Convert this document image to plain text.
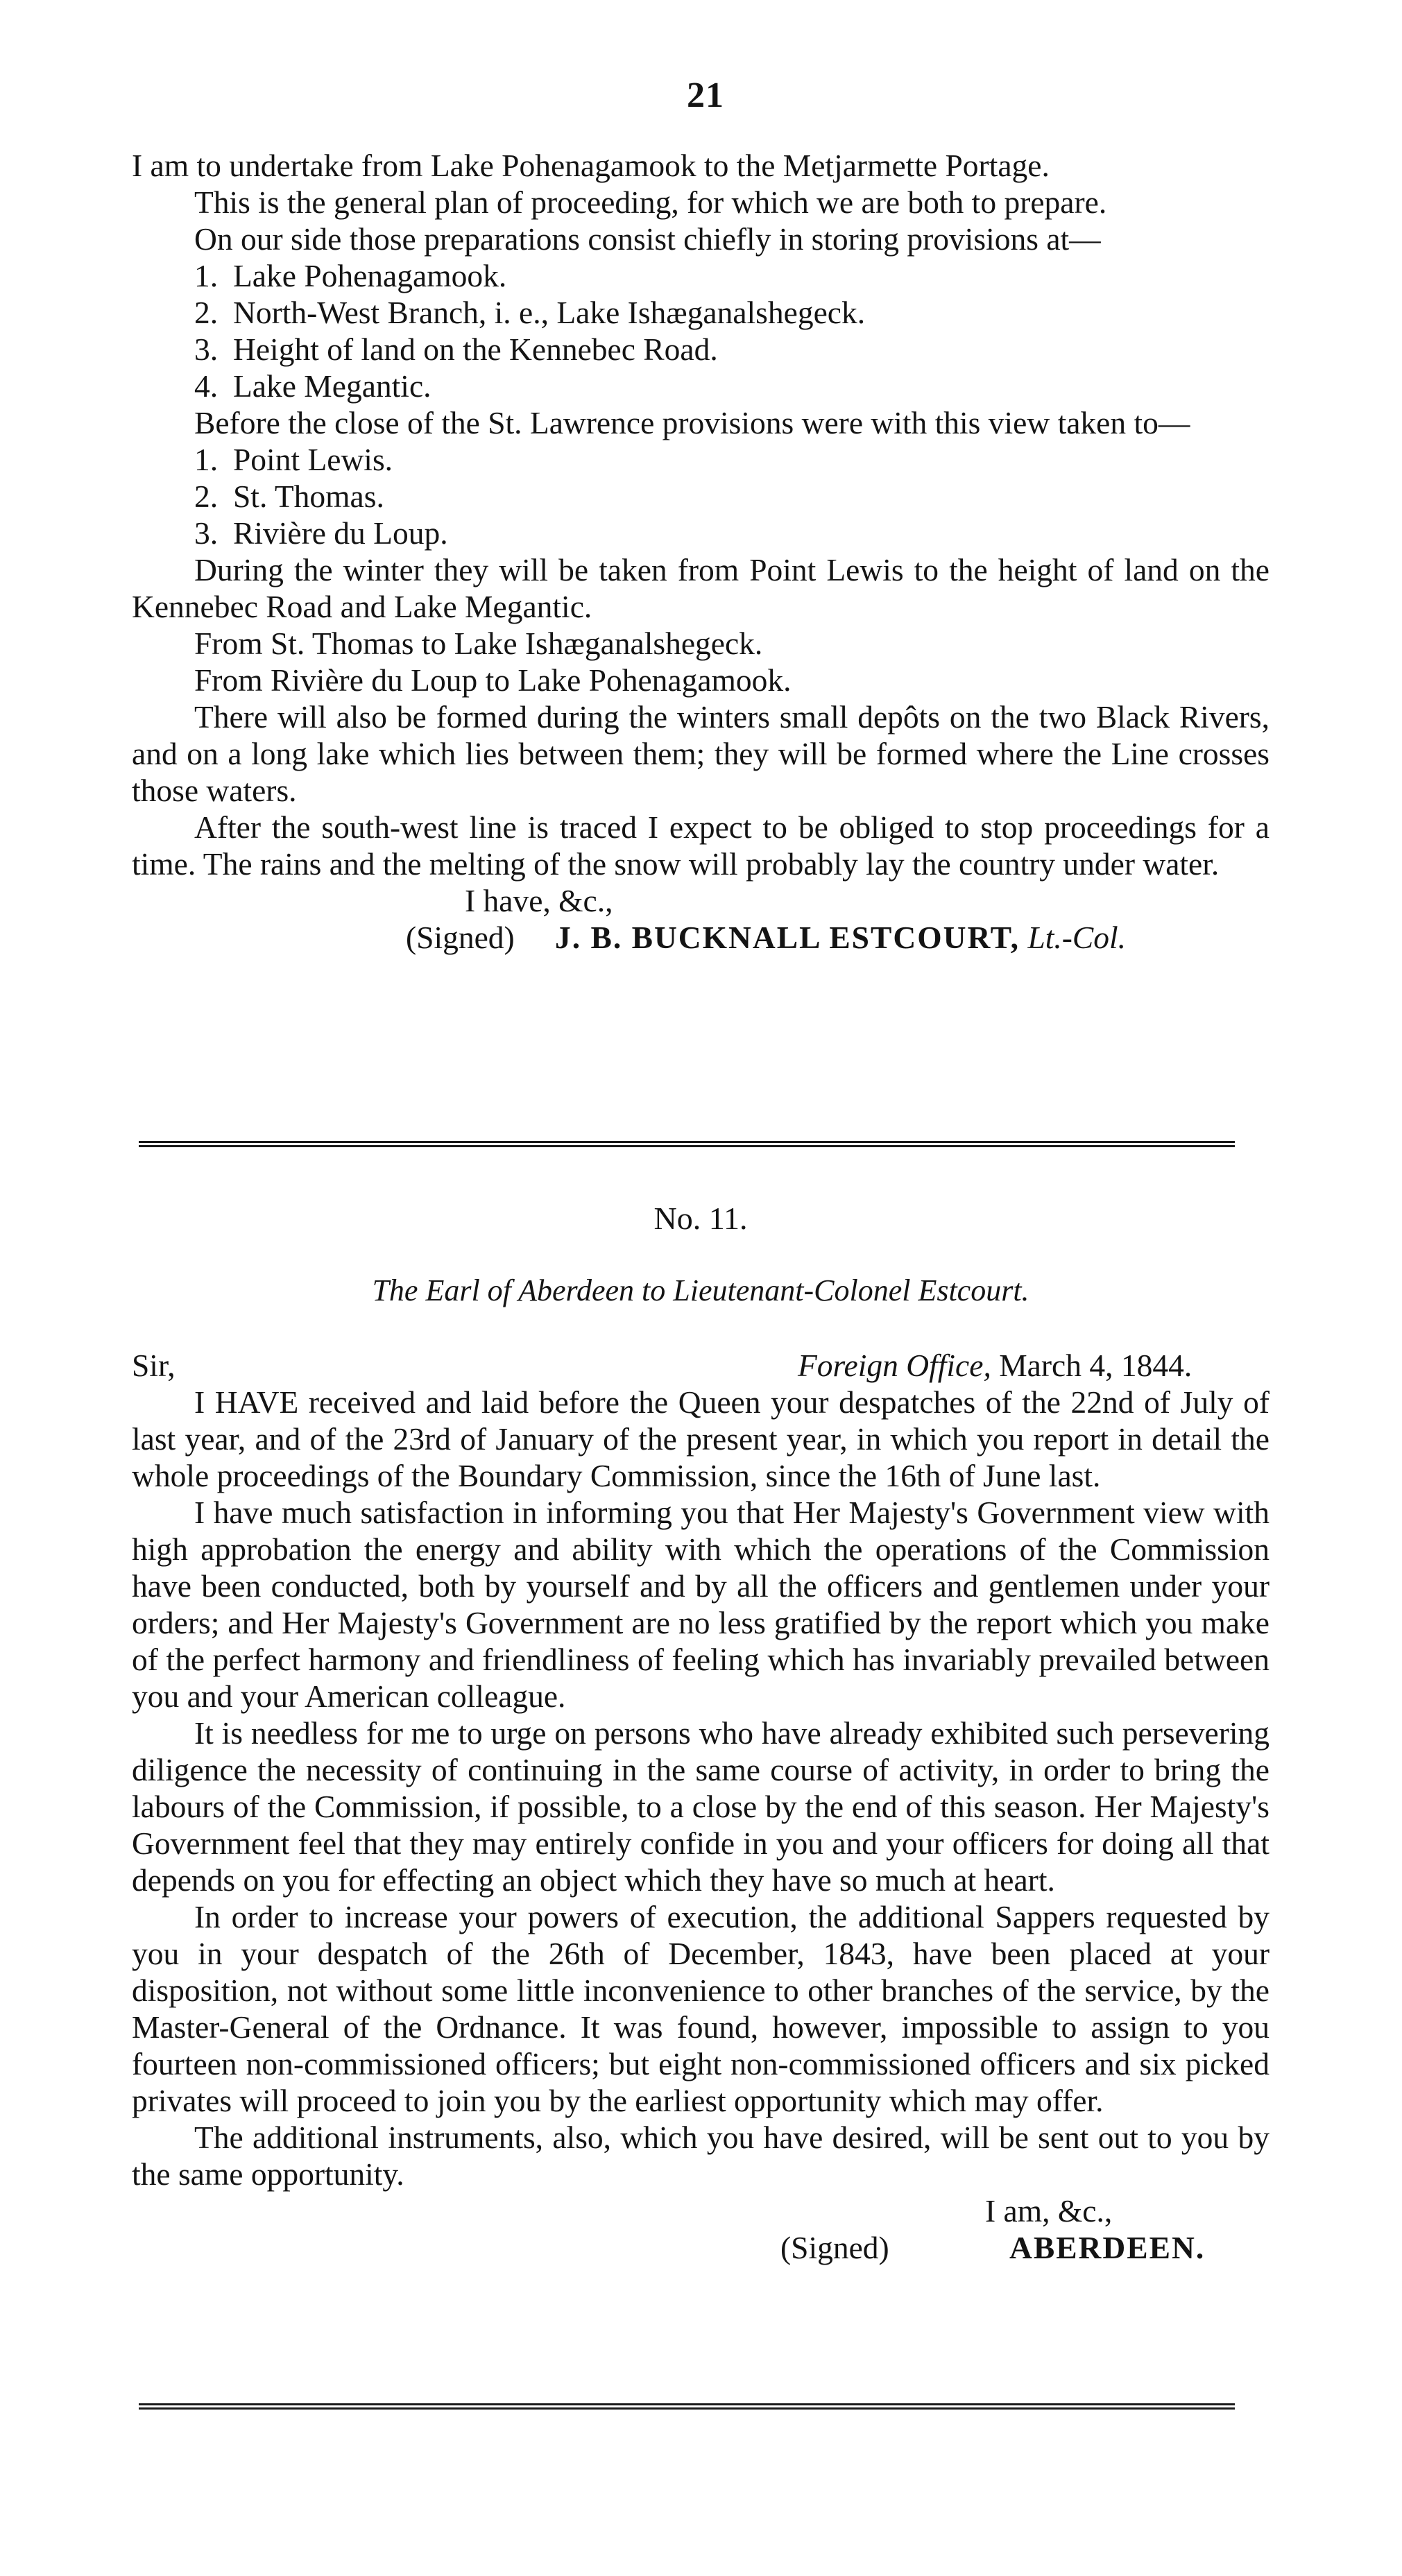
21

I am to undertake from Lake Pohenagamook to the Metjarmette Portage.

This is the general plan of proceeding, for which we are both to prepare.

On our side those preparations consist chiefly in storing provisions at—

1. Lake Pohenagamook.
2. North-West Branch, i. e., Lake Ishæganalshegeck.
3. Height of land on the Kennebec Road.
4. Lake Megantic.

Before the close of the St. Lawrence provisions were with this view taken to—

1. Point Lewis.
2. St. Thomas.
3. Rivière du Loup.

During the winter they will be taken from Point Lewis to the height of land on the Kennebec Road and Lake Megantic.

From St. Thomas to Lake Ishæganalshegeck.

From Rivière du Loup to Lake Pohenagamook.

There will also be formed during the winters small depôts on the two Black Rivers, and on a long lake which lies between them; they will be formed where the Line crosses those waters.

After the south-west line is traced I expect to be obliged to stop proceedings for a time. The rains and the melting of the snow will probably lay the country under water.

I have, &c.,
(Signed) J. B. BUCKNALL ESTCOURT, Lt.-Col.
No. 11.
The Earl of Aberdeen to Lieutenant-Colonel Estcourt.
Sir,	Foreign Office, March 4, 1844.

I HAVE received and laid before the Queen your despatches of the 22nd of July of last year, and of the 23rd of January of the present year, in which you report in detail the whole proceedings of the Boundary Commission, since the 16th of June last.

I have much satisfaction in informing you that Her Majesty's Government view with high approbation the energy and ability with which the operations of the Commission have been conducted, both by yourself and by all the officers and gentlemen under your orders; and Her Majesty's Government are no less gratified by the report which you make of the perfect harmony and friendliness of feeling which has invariably prevailed between you and your American colleague.

It is needless for me to urge on persons who have already exhibited such persevering diligence the necessity of continuing in the same course of activity, in order to bring the labours of the Commission, if possible, to a close by the end of this season. Her Majesty's Government feel that they may entirely confide in you and your officers for doing all that depends on you for effecting an object which they have so much at heart.

In order to increase your powers of execution, the additional Sappers requested by you in your despatch of the 26th of December, 1843, have been placed at your disposition, not without some little inconvenience to other branches of the service, by the Master-General of the Ordnance. It was found, however, impossible to assign to you fourteen non-commissioned officers; but eight non-commissioned officers and six picked privates will proceed to join you by the earliest opportunity which may offer.

The additional instruments, also, which you have desired, will be sent out to you by the same opportunity.

I am, &c.,
(Signed)	ABERDEEN.
